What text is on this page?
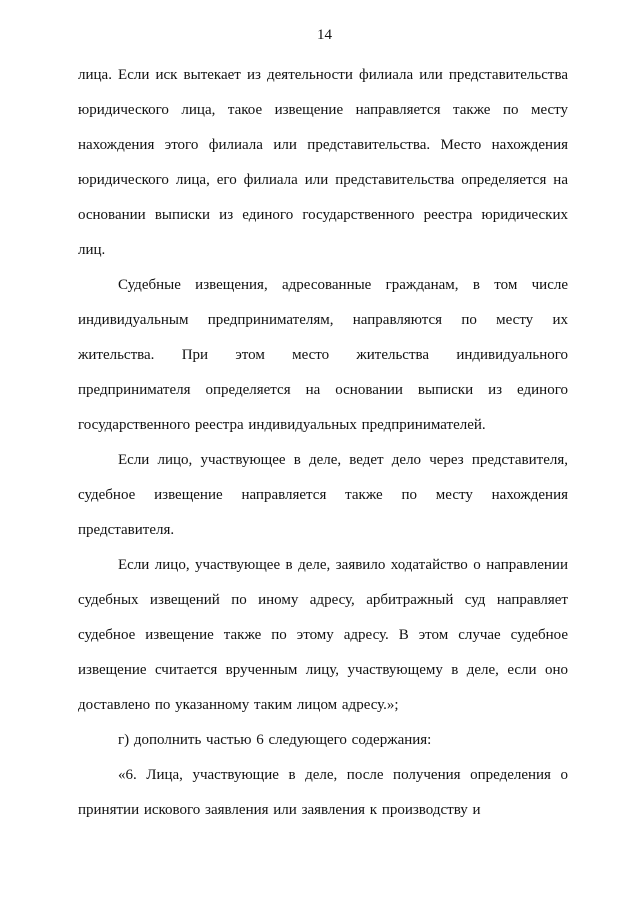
14

лица. Если иск вытекает из деятельности филиала или представительства юридического лица, такое извещение направляется также по месту нахождения этого филиала или представительства. Место нахождения юридического лица, его филиала или представительства определяется на основании выписки из единого государственного реестра юридических лиц.

Судебные извещения, адресованные гражданам, в том числе индивидуальным предпринимателям, направляются по месту их жительства. При этом место жительства индивидуального предпринимателя определяется на основании выписки из единого государственного реестра индивидуальных предпринимателей.

Если лицо, участвующее в деле, ведет дело через представителя, судебное извещение направляется также по месту нахождения представителя.

Если лицо, участвующее в деле, заявило ходатайство о направлении судебных извещений по иному адресу, арбитражный суд направляет судебное извещение также по этому адресу. В этом случае судебное извещение считается врученным лицу, участвующему в деле, если оно доставлено по указанному таким лицом адресу.»;

г) дополнить частью 6 следующего содержания:

«6. Лица, участвующие в деле, после получения определения о принятии искового заявления или заявления к производству и
